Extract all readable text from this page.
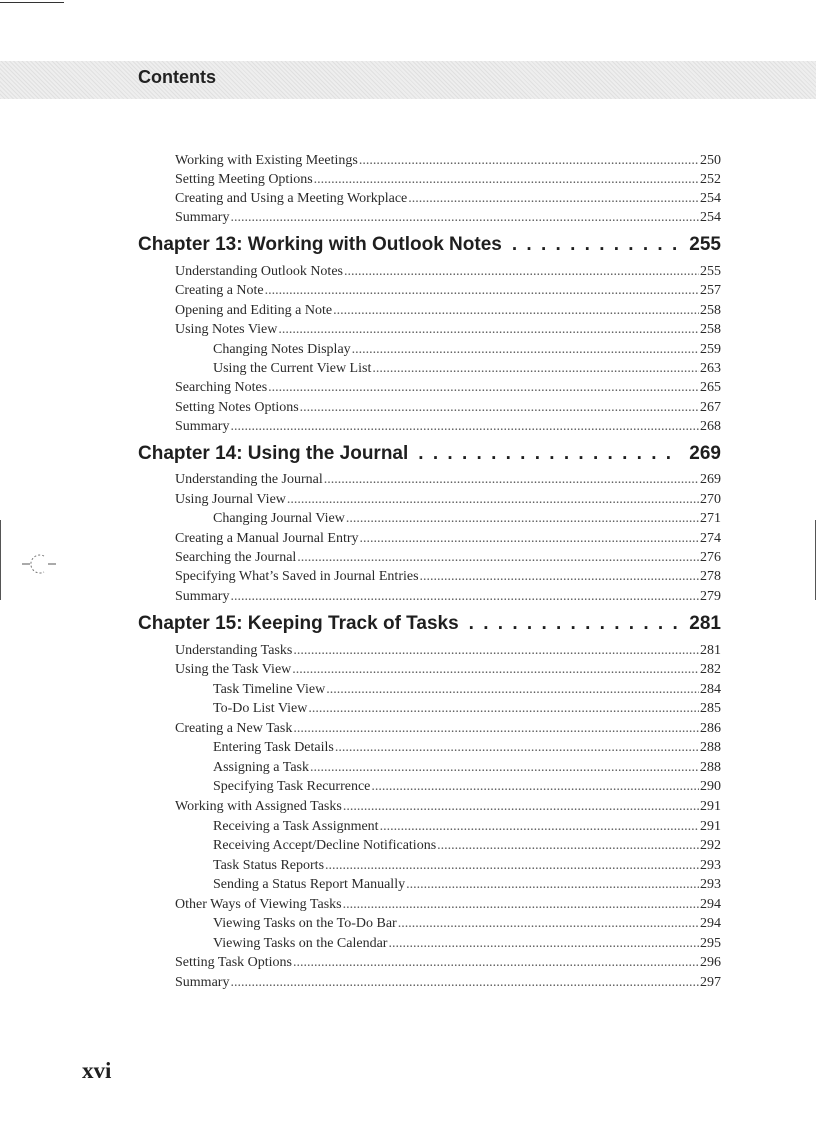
Contents
Working with Existing Meetings .....	250
Setting Meeting Options .....	252
Creating and Using a Meeting Workplace .....	254
Summary .....	254
Chapter 13: Working with Outlook Notes . . .	255
Understanding Outlook Notes .....	255
Creating a Note .....	257
Opening and Editing a Note .....	258
Using Notes View .....	258
Changing Notes Display .....	259
Using the Current View List .....	263
Searching Notes .....	265
Setting Notes Options .....	267
Summary .....	268
Chapter 14: Using the Journal . . .	269
Understanding the Journal .....	269
Using Journal View .....	270
Changing Journal View .....	271
Creating a Manual Journal Entry .....	274
Searching the Journal .....	276
Specifying What’s Saved in Journal Entries .....	278
Summary .....	279
Chapter 15: Keeping Track of Tasks . . .	281
Understanding Tasks .....	281
Using the Task View .....	282
Task Timeline View .....	284
To-Do List View .....	285
Creating a New Task .....	286
Entering Task Details .....	288
Assigning a Task .....	288
Specifying Task Recurrence .....	290
Working with Assigned Tasks .....	291
Receiving a Task Assignment .....	291
Receiving Accept/Decline Notifications .....	292
Task Status Reports .....	293
Sending a Status Report Manually .....	293
Other Ways of Viewing Tasks .....	294
Viewing Tasks on the To-Do Bar .....	294
Viewing Tasks on the Calendar .....	295
Setting Task Options .....	296
Summary .....	297
xvi
